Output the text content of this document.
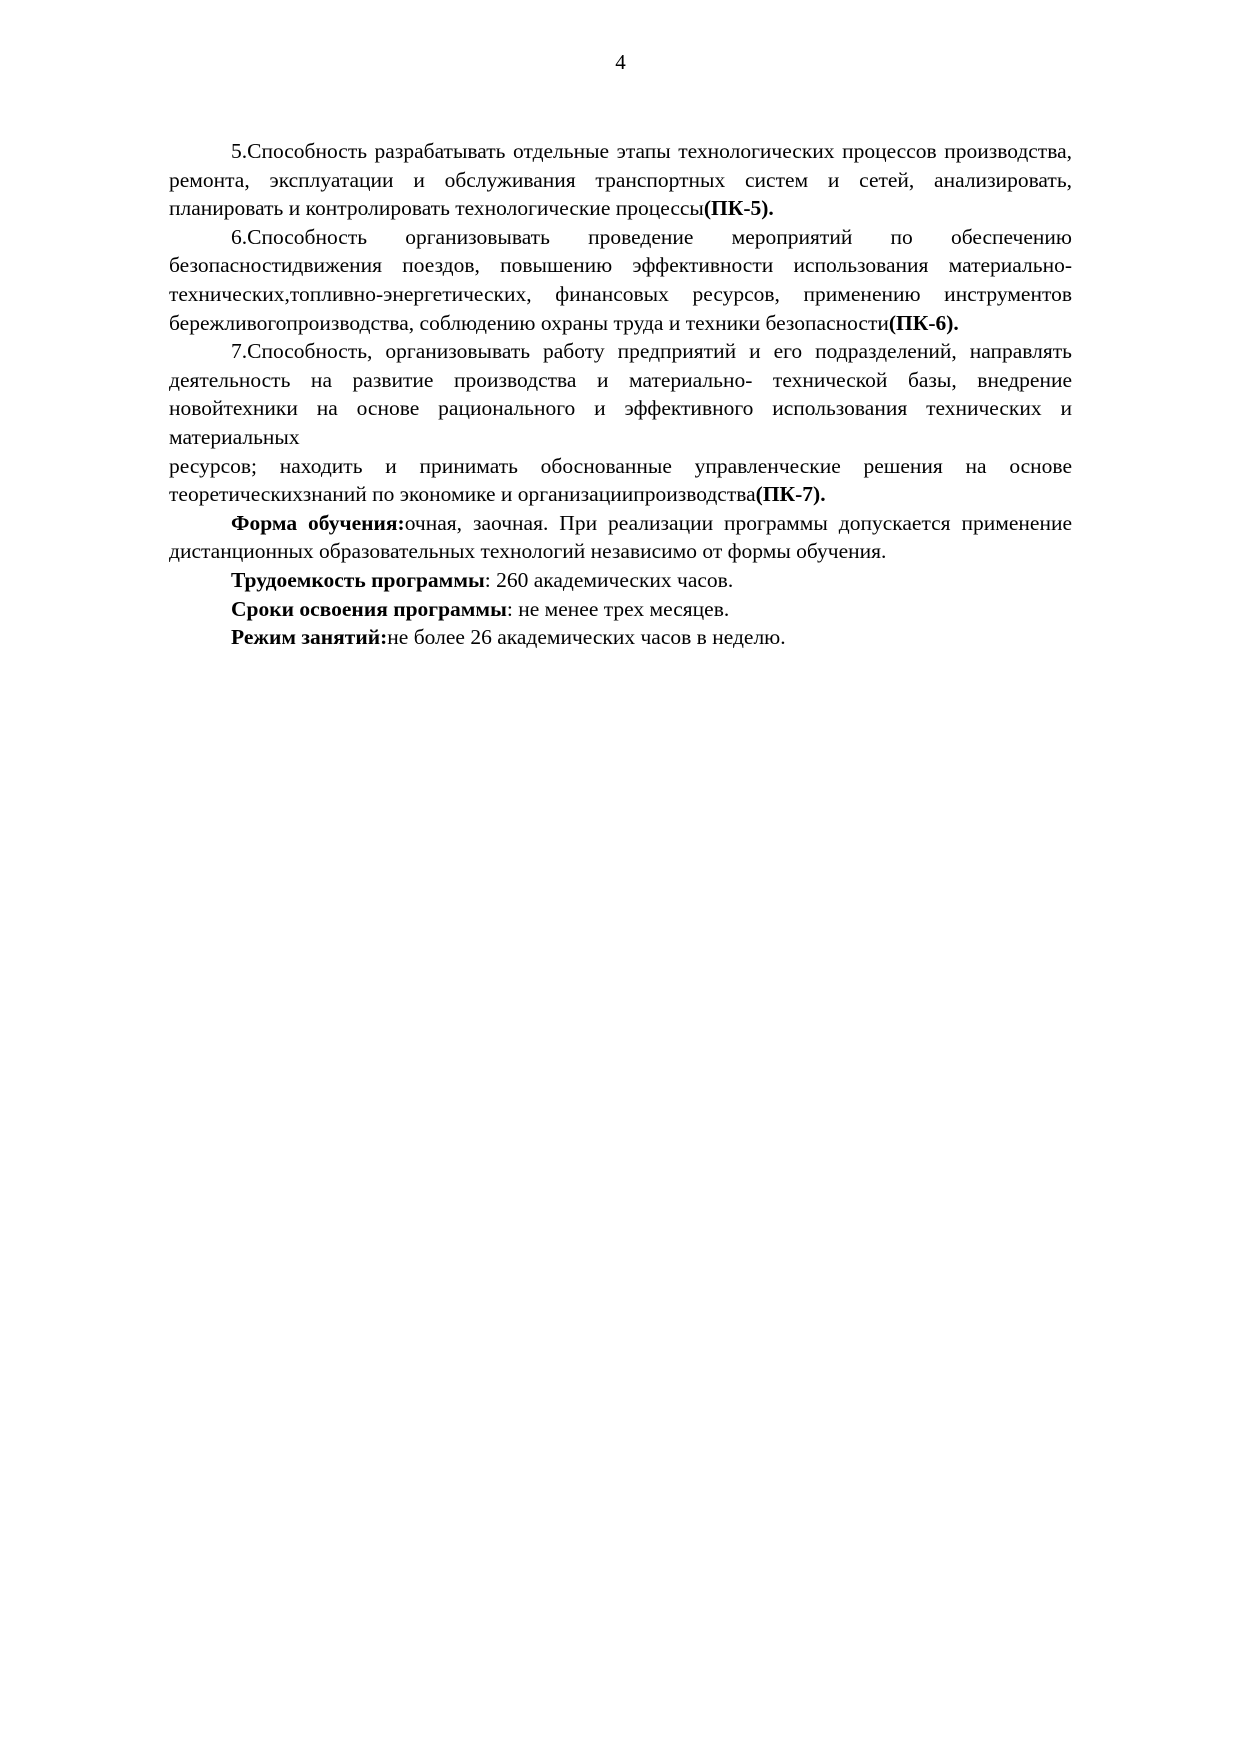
4

5.Способность разрабатывать отдельные этапы технологических процессов производства, ремонта, эксплуатации и обслуживания транспортных систем и сетей, анализировать, планировать и контролировать технологические процессы(ПК-5).

6.Способность организовывать проведение мероприятий по обеспечению безопасностидвижения поездов, повышению эффективности использования материально-технических,топливно-энергетических, финансовых ресурсов, применению инструментов бережливогопроизводства, соблюдению охраны труда и техники безопасности(ПК-6).

7.Способность, организовывать работу предприятий и его подразделений, направлять деятельность на развитие производства и материально- технической базы, внедрение новойтехники на основе рационального и эффективного использования технических и материальных

ресурсов; находить и принимать обоснованные управленческие решения на основе теоретическихзнаний по экономике и организациипроизводства(ПК-7).

Форма обучения:очная, заочная. При реализации программы допускается применение дистанционных образовательных технологий независимо от формы обучения.

Трудоемкость программы: 260 академических часов.

Сроки освоения программы: не менее трех месяцев.

Режим занятий:не более 26 академических часов в неделю.
